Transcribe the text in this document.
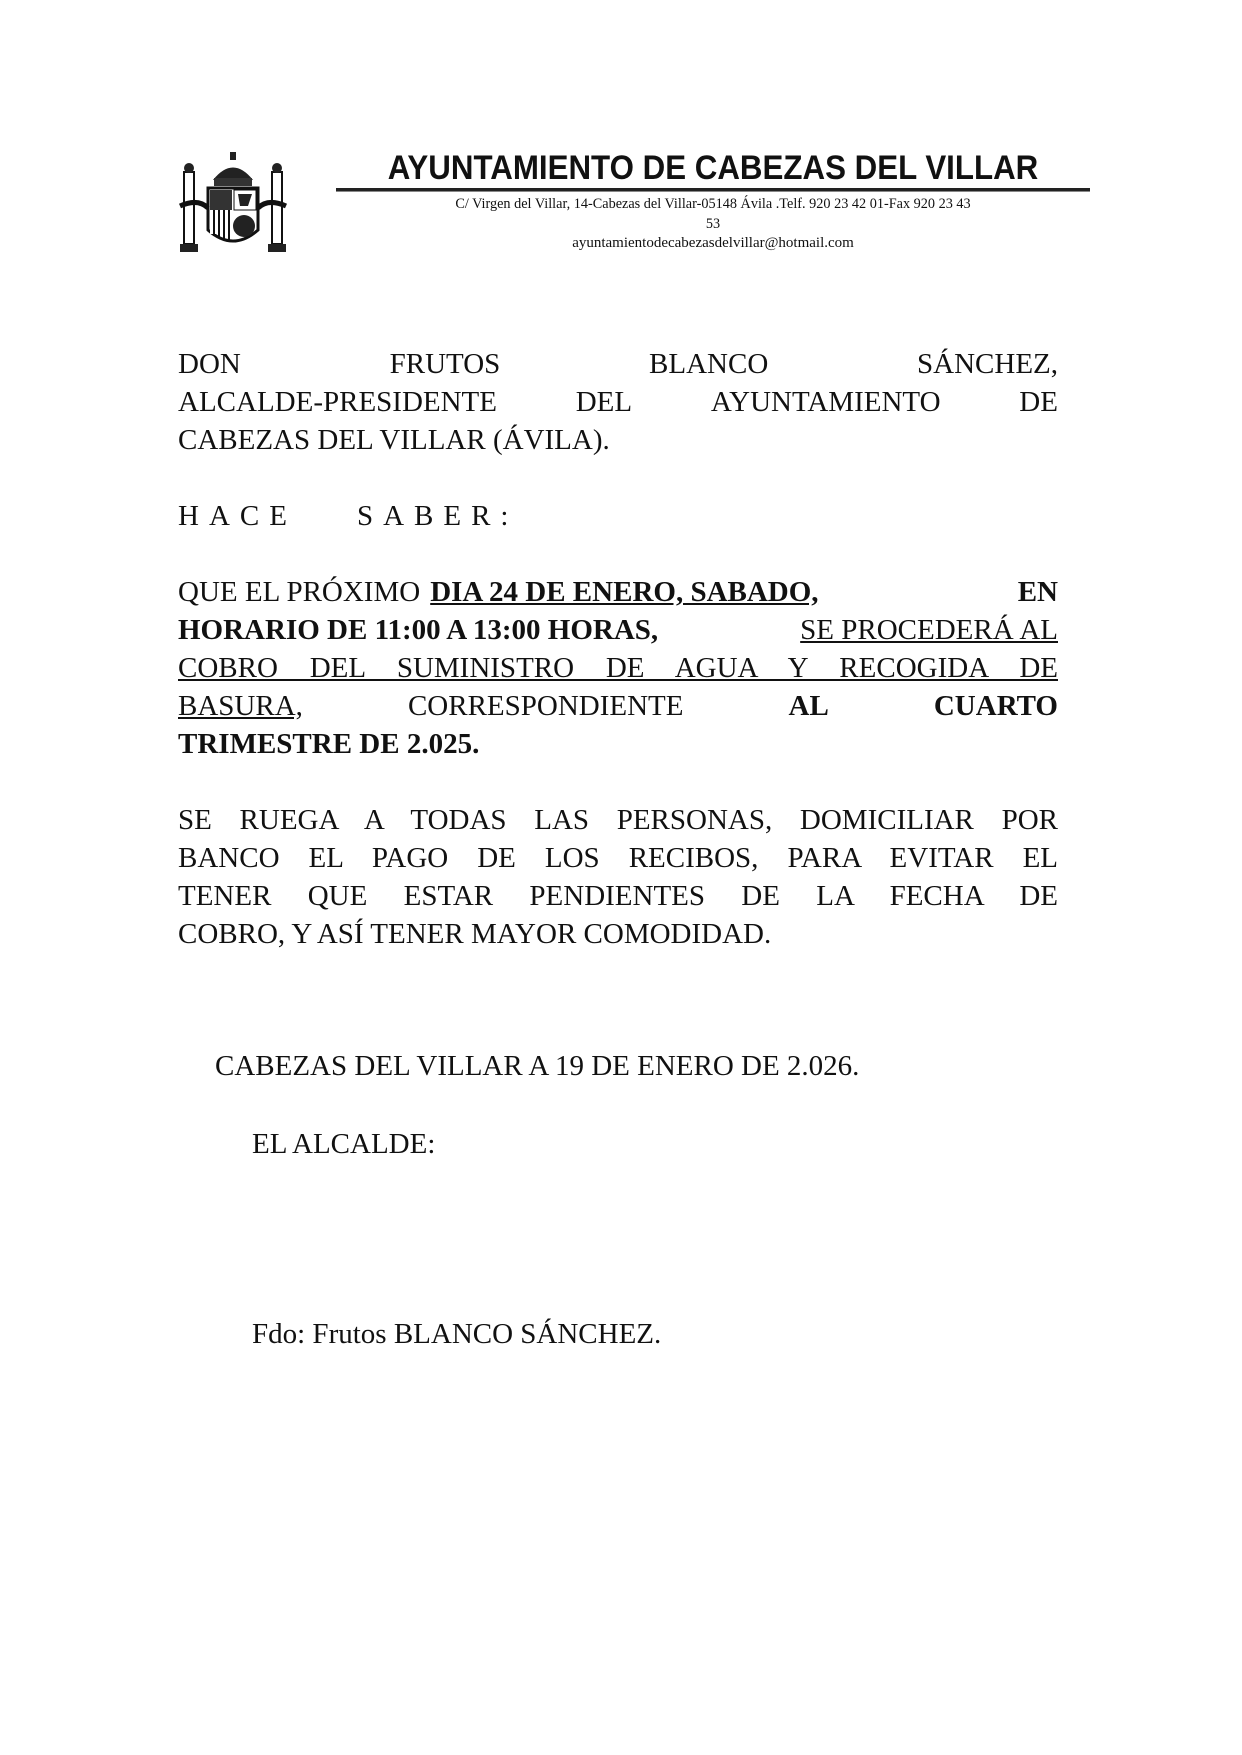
AYUNTAMIENTO DE CABEZAS DEL VILLAR
C/ Virgen del Villar, 14-Cabezas del Villar-05148 Ávila .Telf. 920 23 42 01-Fax 920 23 43
53
ayuntamientodecabezasdelvillar@hotmail.com
DON	FRUTOS	BLANCO	SÁNCHEZ,
ALCALDE-PRESIDENTE	DEL	AYUNTAMIENTO	DE
CABEZAS DEL VILLAR (ÁVILA).
HACE SABER:
QUE EL PRÓXIMO DIA 24 DE ENERO, SABADO,	EN
HORARIO DE 11:00 A 13:00 HORAS,	SE PROCEDERÁ AL
COBRO DEL SUMINISTRO DE AGUA Y RECOGIDA DE
BASURA,	CORRESPONDIENTE	AL	CUARTO
TRIMESTRE DE 2.025.
SE RUEGA A TODAS LAS PERSONAS, DOMICILIAR POR
BANCO EL PAGO DE LOS RECIBOS, PARA EVITAR EL
TENER QUE ESTAR PENDIENTES DE LA FECHA DE
COBRO, Y ASÍ TENER MAYOR COMODIDAD.
CABEZAS DEL VILLAR A 19 DE ENERO DE 2.026.
EL ALCALDE:
Fdo: Frutos BLANCO SÁNCHEZ.
